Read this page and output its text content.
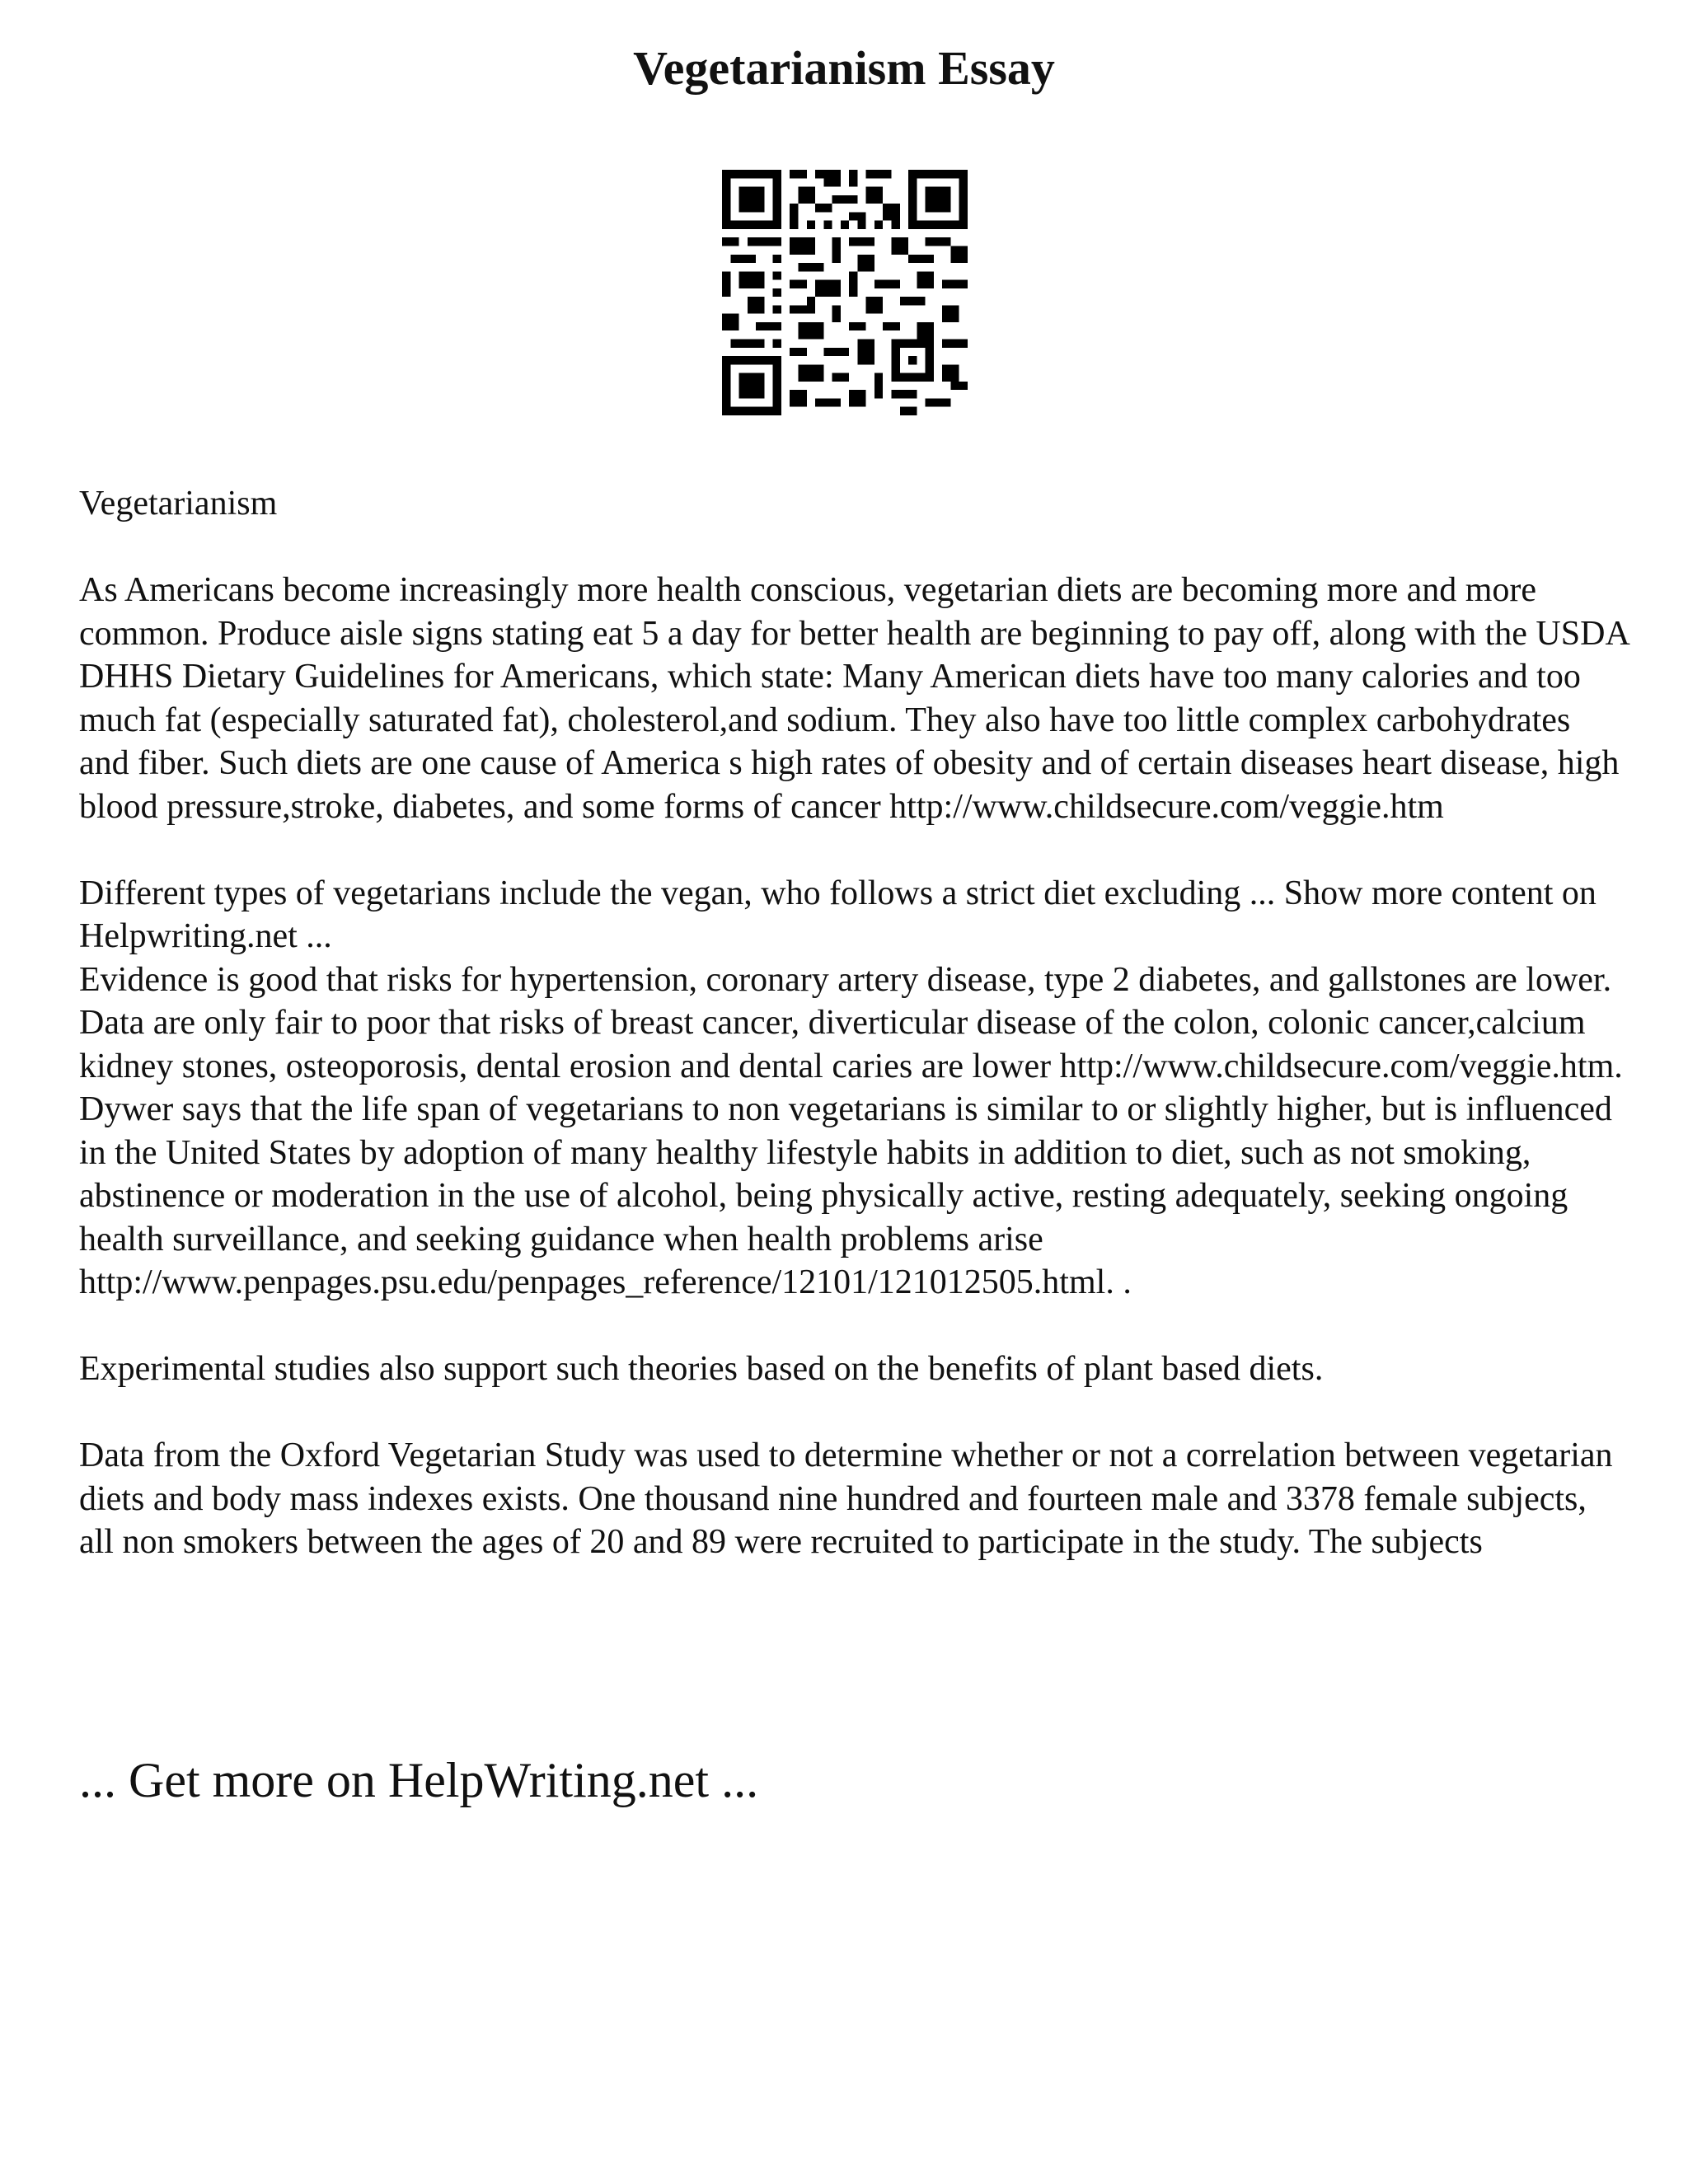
Vegetarianism Essay

Vegetarianism

As Americans become increasingly more health conscious, vegetarian diets are becoming more and more common. Produce aisle signs stating eat 5 a day for better health are beginning to pay off, along with the USDA DHHS Dietary Guidelines for Americans, which state: Many American diets have too many calories and too much fat (especially saturated fat), cholesterol,and sodium. They also have too little complex carbohydrates and fiber. Such diets are one cause of America s high rates of obesity and of certain diseases heart disease, high blood pressure,stroke, diabetes, and some forms of cancer http://www.childsecure.com/veggie.htm

Different types of vegetarians include the vegan, who follows a strict diet excluding ... Show more content on Helpwriting.net ...

Evidence is good that risks for hypertension, coronary artery disease, type 2 diabetes, and gallstones are lower. Data are only fair to poor that risks of breast cancer, diverticular disease of the colon, colonic cancer,calcium kidney stones, osteoporosis, dental erosion and dental caries are lower http://www.childsecure.com/veggie.htm. Dywer says that the life span of vegetarians to non vegetarians is similar to or slightly higher, but is influenced in the United States by adoption of many healthy lifestyle habits in addition to diet, such as not smoking, abstinence or moderation in the use of alcohol, being physically active, resting adequately, seeking ongoing health surveillance, and seeking guidance when health problems arise http://www.penpages.psu.edu/penpages_reference/12101/121012505.html. .

Experimental studies also support such theories based on the benefits of plant based diets.

Data from the Oxford Vegetarian Study was used to determine whether or not a correlation between vegetarian diets and body mass indexes exists. One thousand nine hundred and fourteen male and 3378 female subjects, all non smokers between the ages of 20 and 89 were recruited to participate in the study. The subjects

... Get more on HelpWriting.net ...
